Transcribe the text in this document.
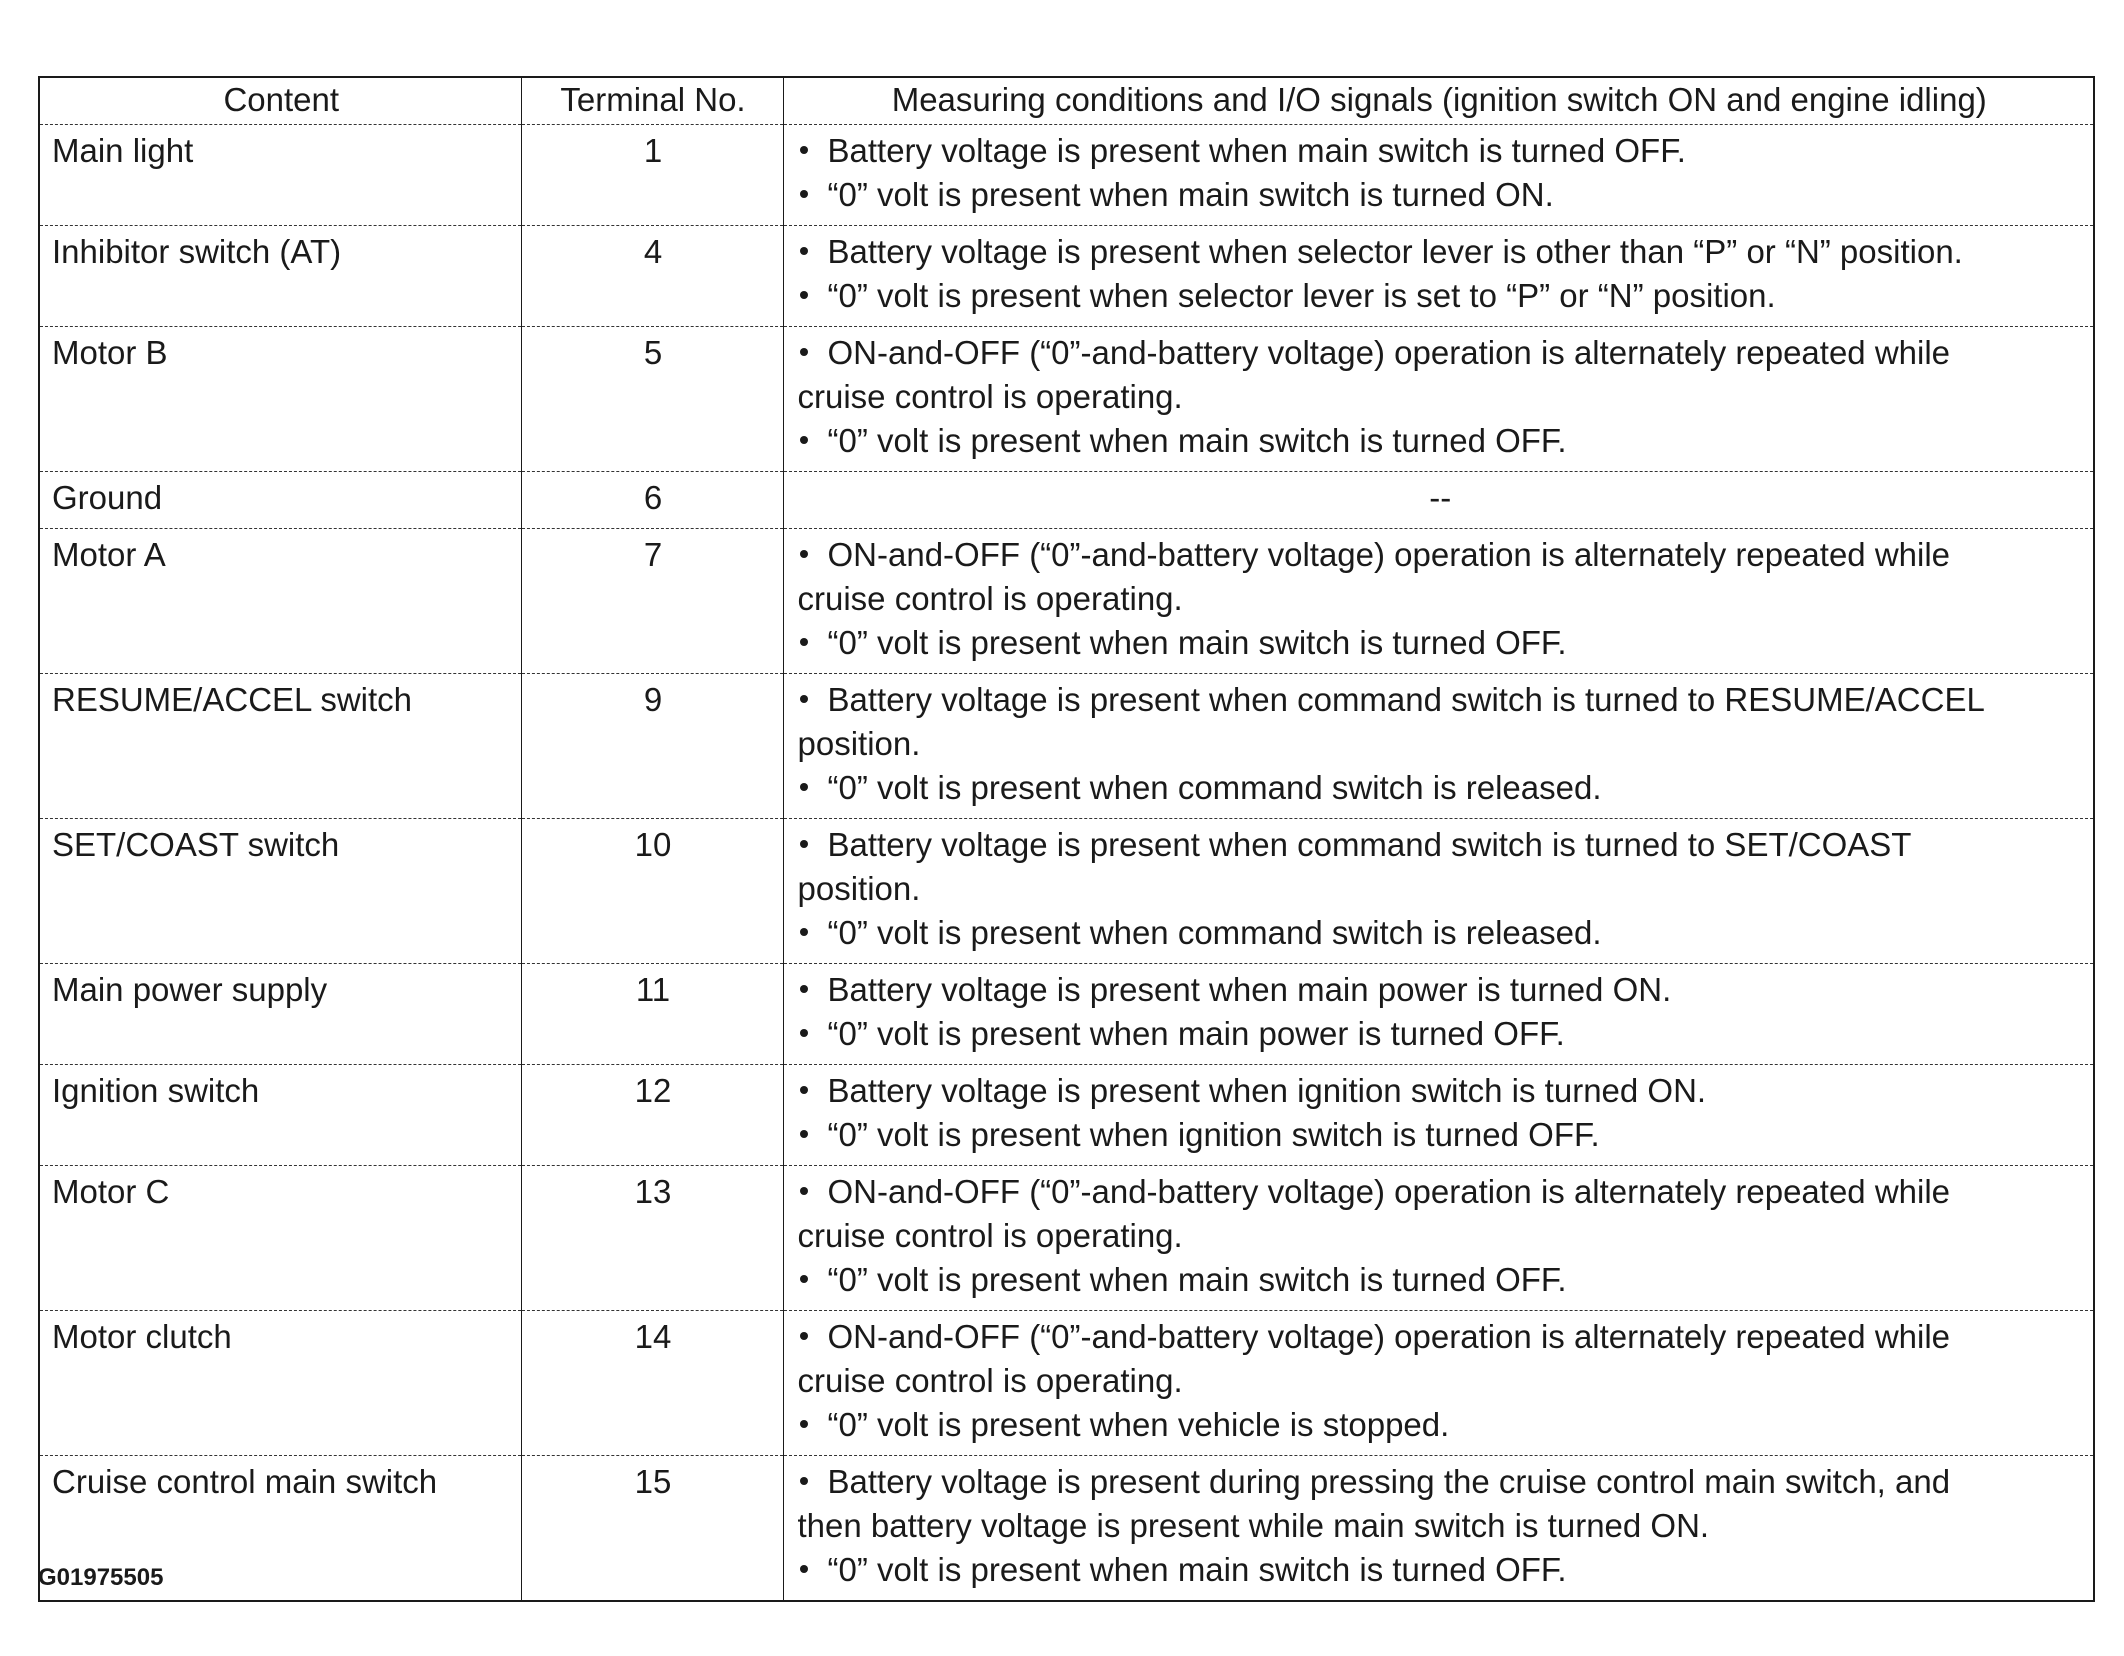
Content	Terminal No.	Measuring conditions and I/O signals (ignition switch ON and engine idling)
Main light	1	Battery voltage is present when main switch is turned OFF.
“0” volt is present when main switch is turned ON.

Inhibitor switch (AT)	4	Battery voltage is present when selector lever is other than “P” or “N” position.
“0” volt is present when selector lever is set to “P” or “N” position.

Motor B	5	ON-and-OFF (“0”-and-battery voltage) operation is alternately repeated while
cruise control is operating.
“0” volt is present when main switch is turned OFF.

Ground	6	--

Motor A	7	ON-and-OFF (“0”-and-battery voltage) operation is alternately repeated while
cruise control is operating.
“0” volt is present when main switch is turned OFF.

RESUME/ACCEL switch	9	Battery voltage is present when command switch is turned to RESUME/ACCEL
position.
“0” volt is present when command switch is released.

SET/COAST switch	10	Battery voltage is present when command switch is turned to SET/COAST
position.
“0” volt is present when command switch is released.

Main power supply	11	Battery voltage is present when main power is turned ON.
“0” volt is present when main power is turned OFF.

Ignition switch	12	Battery voltage is present when ignition switch is turned ON.
“0” volt is present when ignition switch is turned OFF.

Motor C	13	ON-and-OFF (“0”-and-battery voltage) operation is alternately repeated while
cruise control is operating.
“0” volt is present when main switch is turned OFF.

Motor clutch	14	ON-and-OFF (“0”-and-battery voltage) operation is alternately repeated while
cruise control is operating.
“0” volt is present when vehicle is stopped.

Cruise control main switch	15	Battery voltage is present during pressing the cruise control main switch, and
then battery voltage is present while main switch is turned ON.
“0” volt is present when main switch is turned OFF.
G01975505
